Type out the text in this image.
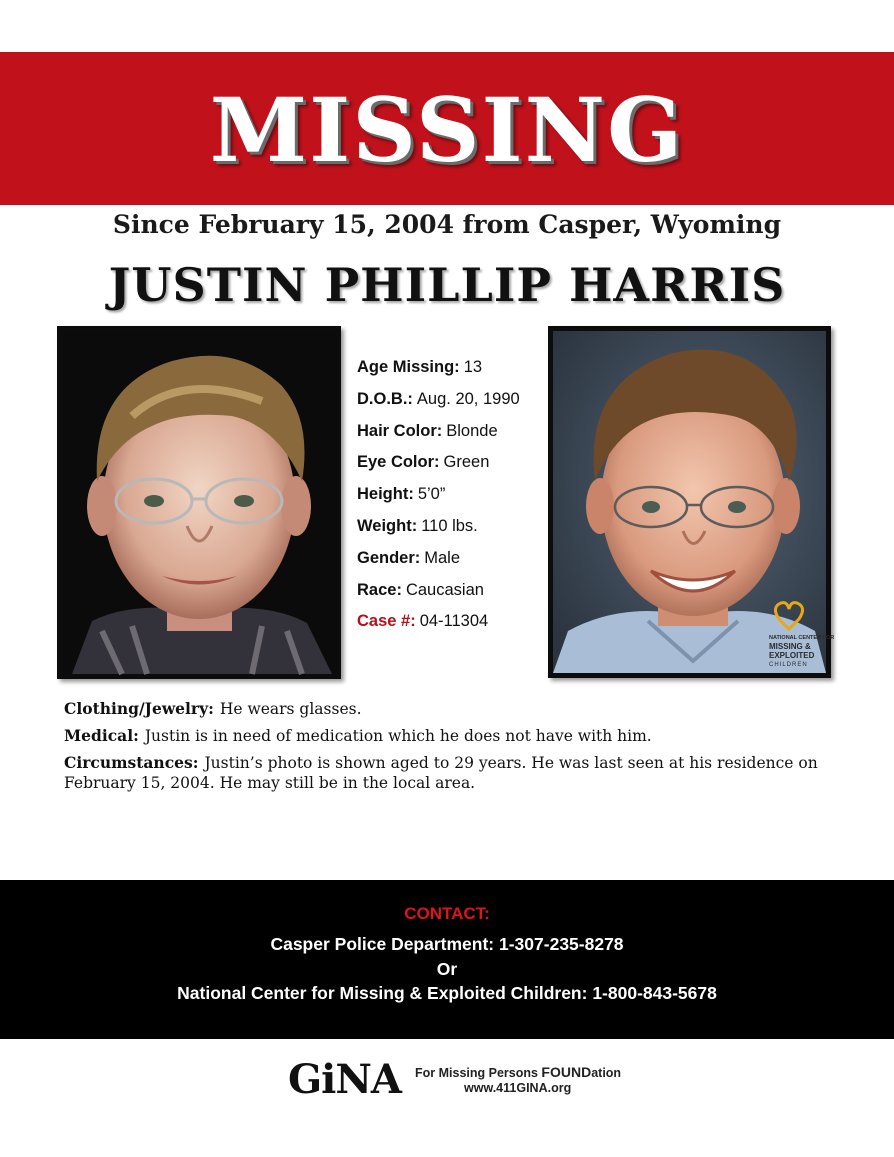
MISSING
Since February 15, 2004 from Casper, Wyoming
JUSTIN PHILLIP HARRIS
Age Missing: 13
D.O.B.: Aug. 20, 1990
Hair Color: Blonde
Eye Color: Green
Height: 5’0”
Weight: 110 lbs.
Gender: Male
Race: Caucasian
Case #: 04-11304
NATIONAL CENTER FOR
MISSING &
EXPLOITED
CHILDREN
Clothing/Jewelry: He wears glasses.
Medical: Justin is in need of medication which he does not have with him.
Circumstances: Justin’s photo is shown aged to 29 years. He was last seen at his residence on February 15, 2004. He may still be in the local area.
CONTACT:
Casper Police Department: 1-307-235-8278
Or
National Center for Missing & Exploited Children: 1-800-843-5678
GiNA For Missing Persons FOUNDation
www.411GINA.org
